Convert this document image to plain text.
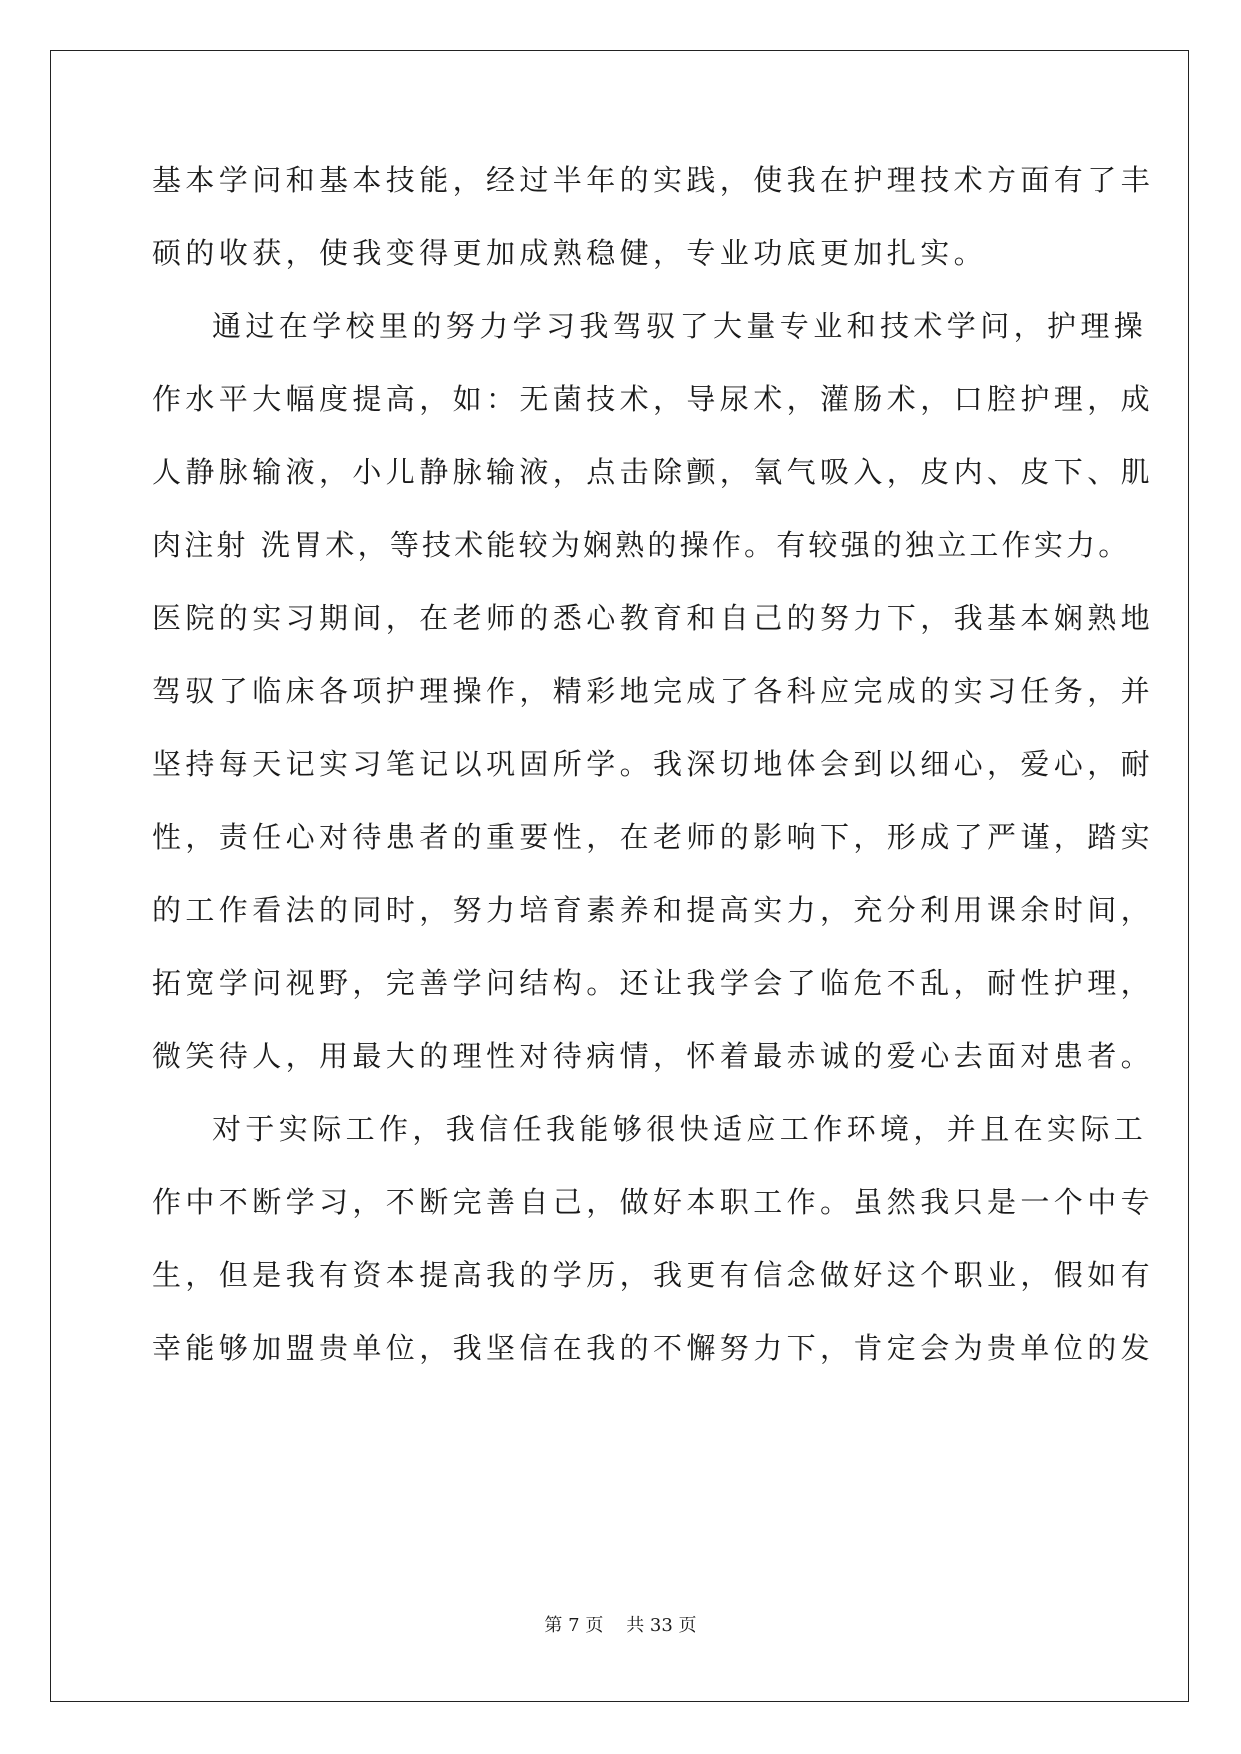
基本学问和基本技能，经过半年的实践，使我在护理技术方面有了丰
硕的收获，使我变得更加成熟稳健，专业功底更加扎实。
通过在学校里的努力学习我驾驭了大量专业和技术学问，护理操
作水平大幅度提高，如：无菌技术，导尿术，灌肠术，口腔护理，成
人静脉输液，小儿静脉输液，点击除颤，氧气吸入，皮内、皮下、肌
肉注射 洗胃术，等技术能较为娴熟的操作。有较强的独立工作实力。
医院的实习期间，在老师的悉心教育和自己的努力下，我基本娴熟地
驾驭了临床各项护理操作，精彩地完成了各科应完成的实习任务，并
坚持每天记实习笔记以巩固所学。我深切地体会到以细心，爱心，耐
性，责任心对待患者的重要性，在老师的影响下，形成了严谨，踏实
的工作看法的同时，努力培育素养和提高实力，充分利用课余时间，
拓宽学问视野，完善学问结构。还让我学会了临危不乱，耐性护理，
微笑待人，用最大的理性对待病情，怀着最赤诚的爱心去面对患者。
对于实际工作，我信任我能够很快适应工作环境，并且在实际工
作中不断学习，不断完善自己，做好本职工作。虽然我只是一个中专
生，但是我有资本提高我的学历，我更有信念做好这个职业，假如有
幸能够加盟贵单位，我坚信在我的不懈努力下，肯定会为贵单位的发
第 7 页    共 33 页
